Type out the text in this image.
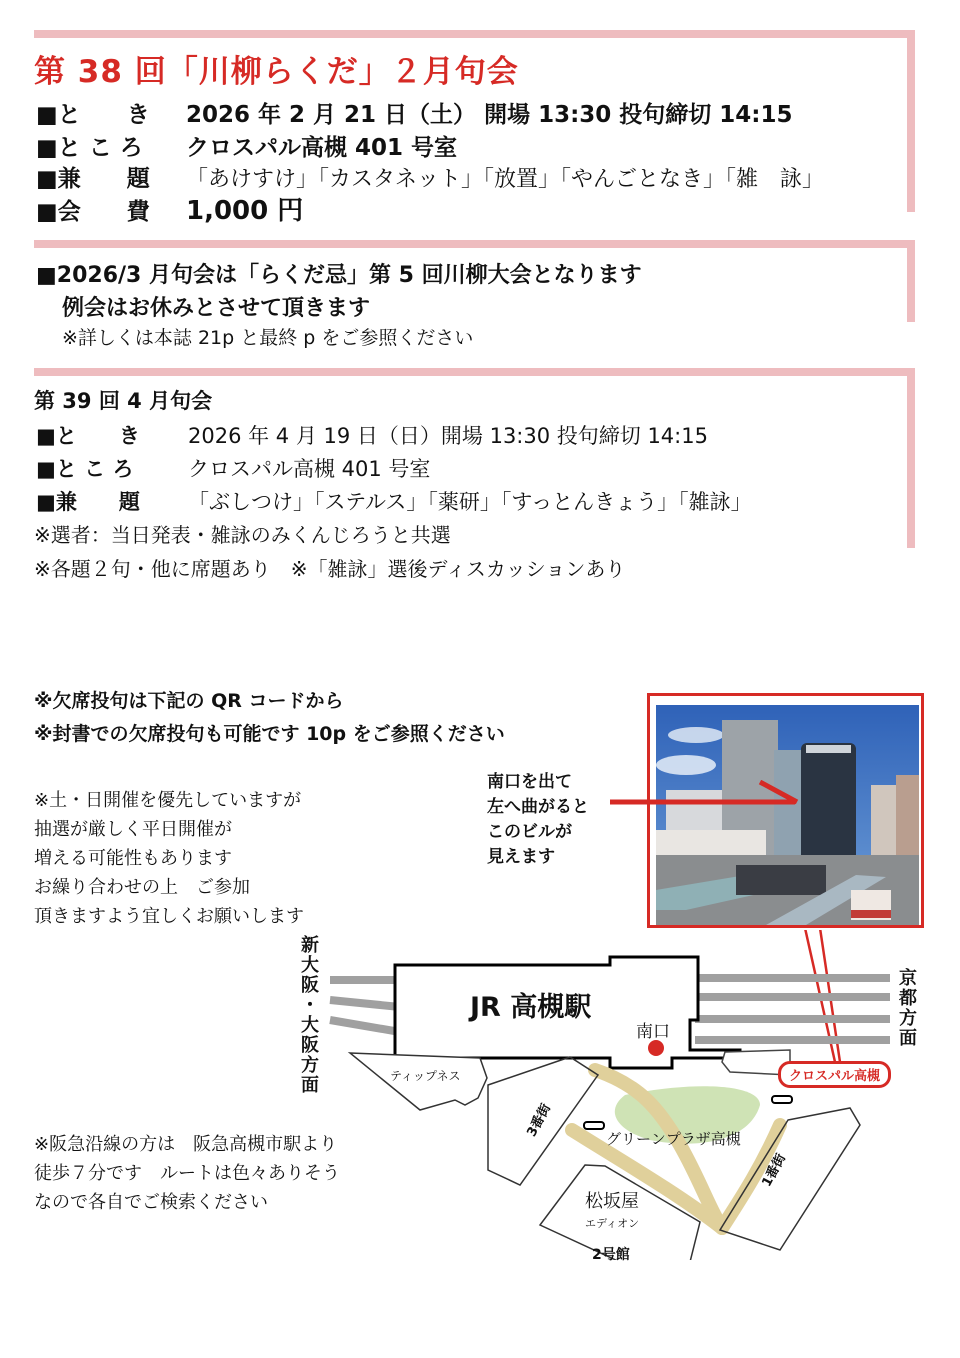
第 38 回「川柳らくだ」２月句会
■と　　き 2026 年 2 月 21 日（土） 開場 13:30 投句締切 14:15
■と こ ろ クロスパル高槻 401 号室
■兼　　題 「あけすけ」「カスタネット」「放置」「やんごとなき」「雑　詠」
■会　　費 1,000 円
■2026/3 月句会は「らくだ忌」第 5 回川柳大会となります
例会はお休みとさせて頂きます
※詳しくは本誌 21p と最終 p をご参照ください
第 39 回 4 月句会
■と　　き 2026 年 4 月 19 日（日）開場 13:30 投句締切 14:15
■と こ ろ	クロスパル高槻 401 号室
■兼　　題 「ぶしつけ」「ステルス」「薬研」「すっとんきょう」「雑詠」
※選者：当日発表・雑詠のみくんじろうと共選
※各題２句・他に席題あり　※「雑詠」選後ディスカッションあり
※欠席投句は下記の QR コードから
※封書での欠席投句も可能です 10p をご参照ください
※土・日開催を優先していますが
抽選が厳しく平日開催が
増える可能性もあります
お繰り合わせの上　ご参加
頂きますよう宜しくお願いします
南口を出て
左へ曲がると
このビルが
見えます
JR 高槻駅
南口
新大阪・大阪方面	京都方面
ティップネス
3番街
1番街
グリーンプラザ高槻
松坂屋
エディオン
2号館
クロスパル高槻
※阪急沿線の方は　阪急高槻市駅より
徒歩７分です　ルートは色々ありそう
なので各自でご検索ください
